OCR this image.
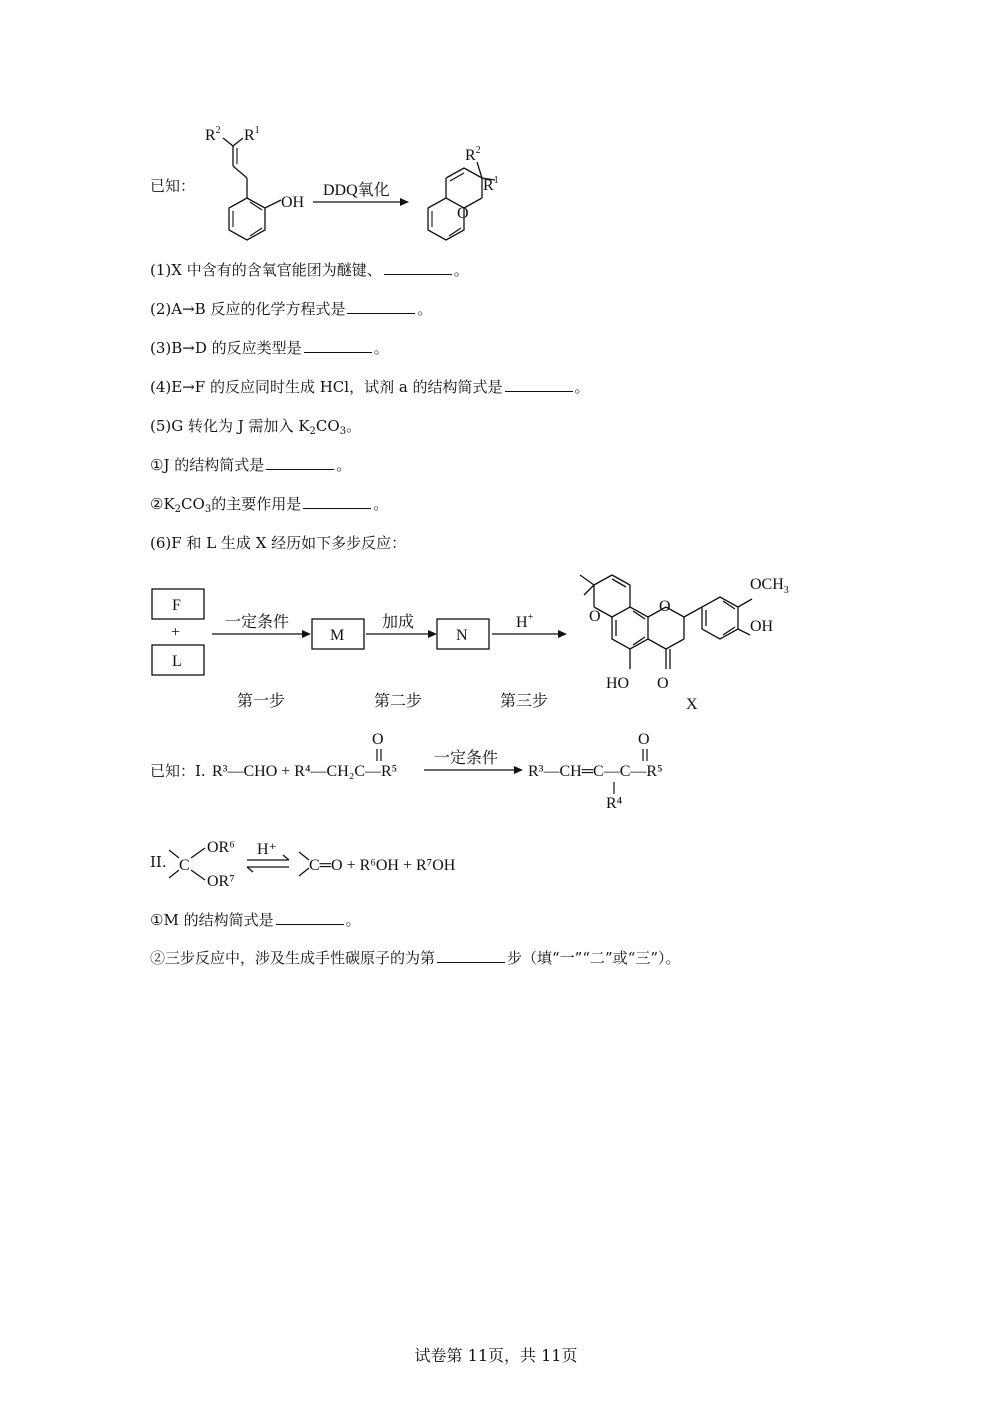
已知：
$R^2$ $R^1$
OH
DDQ氧化
O
$R^2$
$R^1$
(1)X 中含有的含氧官能团为醚键、	。
(2)A→B 反应的化学方程式是	。
(3)B→D 的反应类型是	。
(4)E→F 的反应同时生成 HCl，试剂 a 的结构简式是	。
(5)G 转化为 J 需加入 $K_2CO_3$。
①J 的结构简式是	。
$②K_2CO_3$的主要作用是	。
(6)F 和 L 生成 X 经历如下多步反应：
F
+
L
一定条件
M
加成
N
H+
第一步	第二步	第三步
O
O
$OCH_3$
OH
HO O
X
已知：I. R³—CHO + R⁴—CH₂C—R⁵
O
一定条件
R³—CH═C—C—R⁵
O
R⁴
II. C
OR⁶
OR⁷
H⁺
C═O + R⁶OH + R⁷OH
①M 的结构简式是	。
②三步反应中，涉及生成手性碳原子的为第	步（填“一”“二”或“三”）。
试卷第 11页，共 11页
